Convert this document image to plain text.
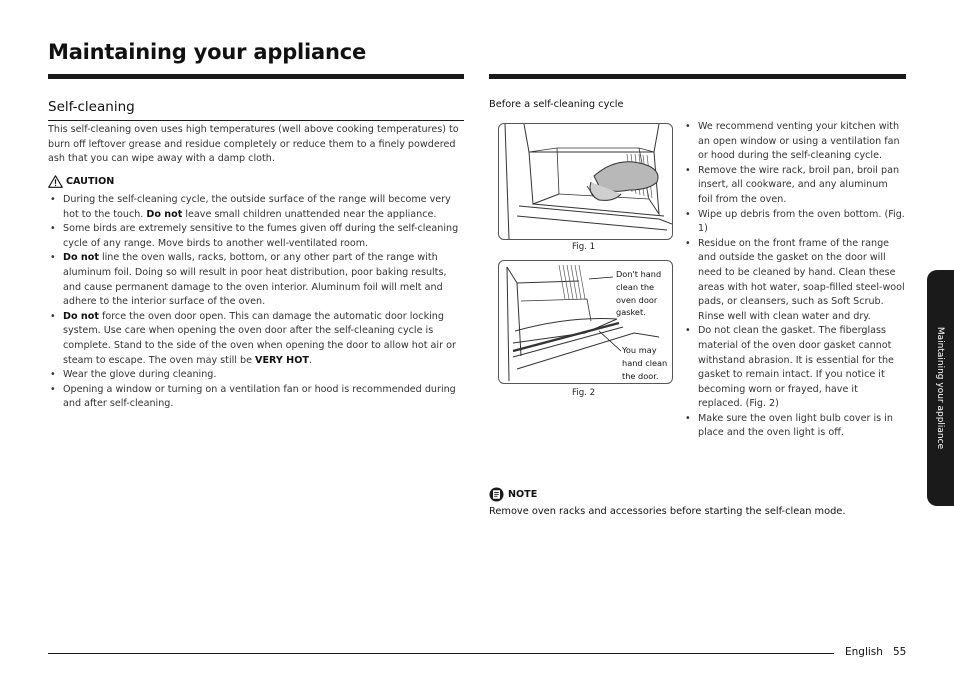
Maintaining your appliance
Self-cleaning
This self-cleaning oven uses high temperatures (well above cooking temperatures) to burn off leftover grease and residue completely or reduce them to a finely powdered ash that you can wipe away with a damp cloth.
CAUTION
• During the self-cleaning cycle, the outside surface of the range will become very hot to the touch. Do not leave small children unattended near the appliance.
• Some birds are extremely sensitive to the fumes given off during the self-cleaning cycle of any range. Move birds to another well-ventilated room.
• Do not line the oven walls, racks, bottom, or any other part of the range with aluminum foil. Doing so will result in poor heat distribution, poor baking results, and cause permanent damage to the oven interior. Aluminum foil will melt and adhere to the interior surface of the oven.
• Do not force the oven door open. This can damage the automatic door locking system. Use care when opening the oven door after the self-cleaning cycle is complete. Stand to the side of the oven when opening the door to allow hot air or steam to escape. The oven may still be VERY HOT.
• Wear the glove during cleaning.
• Opening a window or turning on a ventilation fan or hood is recommended during and after self-cleaning.
Before a self-cleaning cycle
Fig. 1
Don't hand
clean the
oven door
gasket.
You may
hand clean
the door.
Fig. 2
• We recommend venting your kitchen with an open window or using a ventilation fan or hood during the self-cleaning cycle.
• Remove the wire rack, broil pan, broil pan insert, all cookware, and any aluminum foil from the oven.
• Wipe up debris from the oven bottom. (Fig. 1)
• Residue on the front frame of the range and outside the gasket on the door will need to be cleaned by hand. Clean these areas with hot water, soap-filled steel-wool pads, or cleansers, such as Soft Scrub. Rinse well with clean water and dry.
• Do not clean the gasket. The fiberglass material of the oven door gasket cannot withstand abrasion. It is essential for the gasket to remain intact. If you notice it becoming worn or frayed, have it replaced. (Fig. 2)
• Make sure the oven light bulb cover is in place and the oven light is off.
NOTE
Remove oven racks and accessories before starting the self-clean mode.
Maintaining your appliance
English 55
